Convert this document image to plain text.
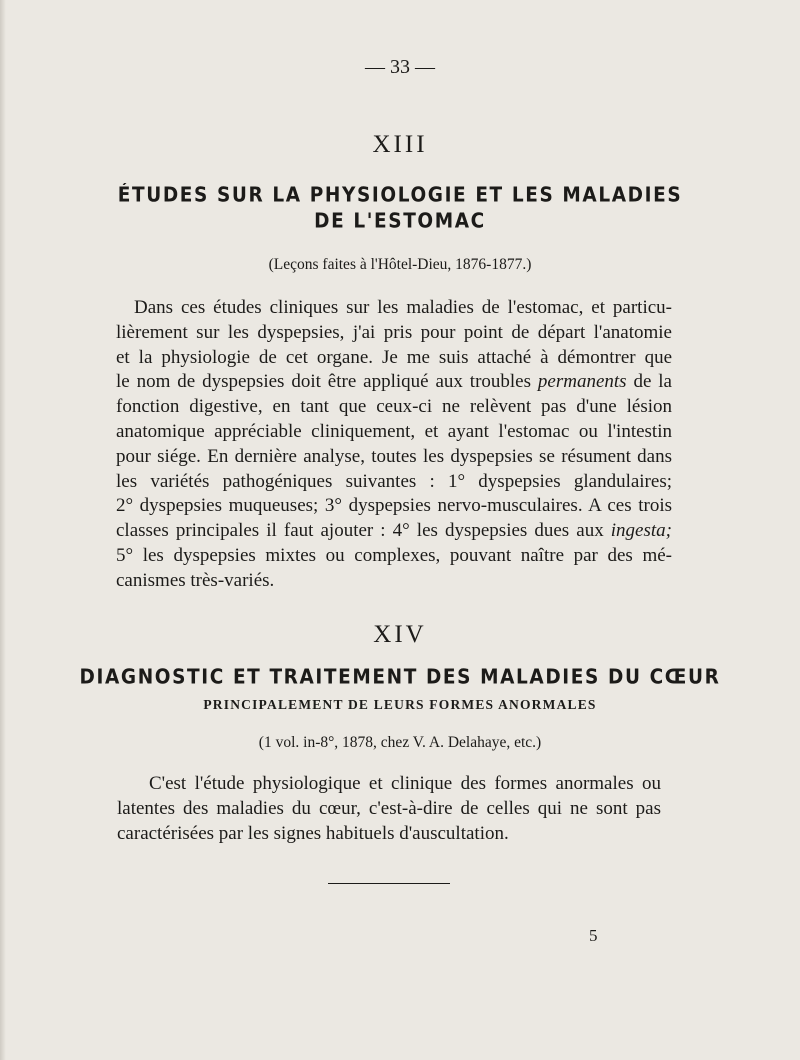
— 33 —
XIII
ÉTUDES SUR LA PHYSIOLOGIE ET LES MALADIES
DE L'ESTOMAC
(Leçons faites à l'Hôtel-Dieu, 1876-1877.)
Dans ces études cliniques sur les maladies de l'estomac, et particu-
lièrement sur les dyspepsies, j'ai pris pour point de départ l'anatomie
et la physiologie de cet organe. Je me suis attaché à démontrer que
le nom de dyspepsies doit être appliqué aux troubles permanents de la
fonction digestive, en tant que ceux-ci ne relèvent pas d'une lésion
anatomique appréciable cliniquement, et ayant l'estomac ou l'intestin
pour siége. En dernière analyse, toutes les dyspepsies se résument dans
les variétés pathogéniques suivantes : 1° dyspepsies glandulaires;
2° dyspepsies muqueuses; 3° dyspepsies nervo-musculaires. A ces trois
classes principales il faut ajouter : 4° les dyspepsies dues aux ingesta;
5° les dyspepsies mixtes ou complexes, pouvant naître par des mé-
canismes très-variés.
XIV
DIAGNOSTIC ET TRAITEMENT DES MALADIES DU CŒUR
PRINCIPALEMENT DE LEURS FORMES ANORMALES
(1 vol. in-8°, 1878, chez V. A. Delahaye, etc.)
C'est l'étude physiologique et clinique des formes anormales ou
latentes des maladies du cœur, c'est-à-dire de celles qui ne sont pas
caractérisées par les signes habituels d'auscultation.
5
